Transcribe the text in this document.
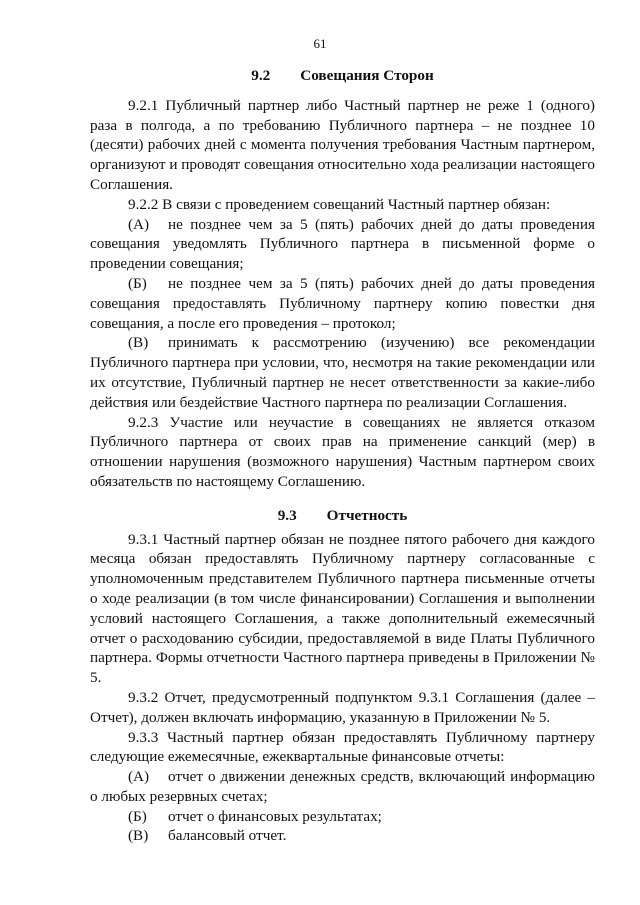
61
9.2 Совещания Сторон

9.2.1 Публичный партнер либо Частный партнер не реже 1 (одного) раза в полгода, а по требованию Публичного партнера – не позднее 10 (десяти) рабочих дней с момента получения требования Частным партнером, организуют и проводят совещания относительно хода реализации настоящего Соглашения.

9.2.2 В связи с проведением совещаний Частный партнер обязан:

(А) не позднее чем за 5 (пять) рабочих дней до даты проведения совещания уведомлять Публичного партнера в письменной форме о проведении совещания;

(Б) не позднее чем за 5 (пять) рабочих дней до даты проведения совещания предоставлять Публичному партнеру копию повестки дня совещания, а после его проведения – протокол;

(В) принимать к рассмотрению (изучению) все рекомендации Публичного партнера при условии, что, несмотря на такие рекомендации или их отсутствие, Публичный партнер не несет ответственности за какие-либо действия или бездействие Частного партнера по реализации Соглашения.

9.2.3 Участие или неучастие в совещаниях не является отказом Публичного партнера от своих прав на применение санкций (мер) в отношении нарушения (возможного нарушения) Частным партнером своих обязательств по настоящему Соглашению.

9.3 Отчетность

9.3.1 Частный партнер обязан не позднее пятого рабочего дня каждого месяца обязан предоставлять Публичному партнеру согласованные с уполномоченным представителем Публичного партнера письменные отчеты о ходе реализации (в том числе финансировании) Соглашения и выполнении условий настоящего Соглашения, а также дополнительный ежемесячный отчет о расходованию субсидии, предоставляемой в виде Платы Публичного партнера. Формы отчетности Частного партнера приведены в Приложении № 5.

9.3.2 Отчет, предусмотренный подпунктом 9.3.1 Соглашения (далее – Отчет), должен включать информацию, указанную в Приложении № 5.

9.3.3 Частный партнер обязан предоставлять Публичному партнеру следующие ежемесячные, ежеквартальные финансовые отчеты:

(А) отчет о движении денежных средств, включающий информацию о любых резервных счетах;

(Б) отчет о финансовых результатах;

(В) балансовый отчет.
